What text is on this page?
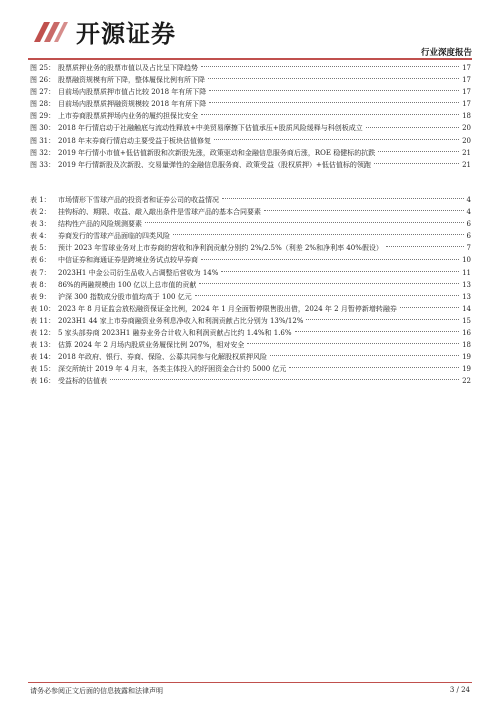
开源证券
行业深度报告
图 25： 股票质押业务的股票市值以及占比呈下降趋势	17
图 26： 股票融资规模有所下降，整体履保比例有所下降	17
图 27： 目前场内股票质押市值占比较 2018 年有所下降	17
图 28： 目前场内股票质押融资规模较 2018 年有所下降	17
图 29： 上市券商股票质押场内业务的履约担保比安全	18
图 30： 2018 年行情启动于社融触底与流动性释放+中美贸易摩擦下估值承压+股质风险缓释与科创板成立	20
图 31： 2018 年末券商行情启动主要受益于板块估值修复	20
图 32： 2019 年行情小市值+低估值新股和次新股先涨，政策驱动和金融信息服务商后涨，ROE 稳健标的抗跌	21
图 33： 2019 年行情新股及次新股、交易量弹性的金融信息服务商、政策受益（股权质押）+低估值标的领跑	21
表 1：	市场情形下雪球产品的投资者和证券公司的收益情况	4
表 2：	挂钩标的、期限、收益、敲入敲出条件是雪球产品的基本合同要素	4
表 3：	结构性产品的风险规测要素	6
表 4：	券商发行的雪球产品面临的四类风险	6
表 5：	预计 2023 年雪球业务对上市券商的营收和净利润贡献分别约 2%/2.5%（利差 2%和净利率 40%假设）	7
表 6：	中信证券和海通证券是跨境业务试点较早券商	10
表 7：	2023H1 中金公司衍生品收入占调整后营收为 14%	11
表 8：	86%的两融规模由 100 亿以上总市值的贡献	13
表 9：	沪深 300 指数成分股市值均高于 100 亿元	13
表 10： 2023 年 8 月证监会放松融资保证金比例，2024 年 1 月全面暂停限售股出借，2024 年 2 月暂停新增转融券	14
表 11： 2023H1 44 家上市券商融资业务利息净收入和利润贡献占比分别为 13%/12%	15
表 12： 5 家头部券商 2023H1 融券业务合计收入和利润贡献占比约 1.4%和 1.6%	16
表 13： 估算 2024 年 2 月场内股质业务履保比例 207%，相对安全	18
表 14： 2018 年政府、银行、券商、保险、公募共同参与化解股权质押风险	19
表 15： 深交所统计 2019 年 4 月末，各类主体投入的纾困资金合计约 5000 亿元	19
表 16： 受益标的估值表	22
请务必参阅正文后面的信息披露和法律声明	3 / 24
